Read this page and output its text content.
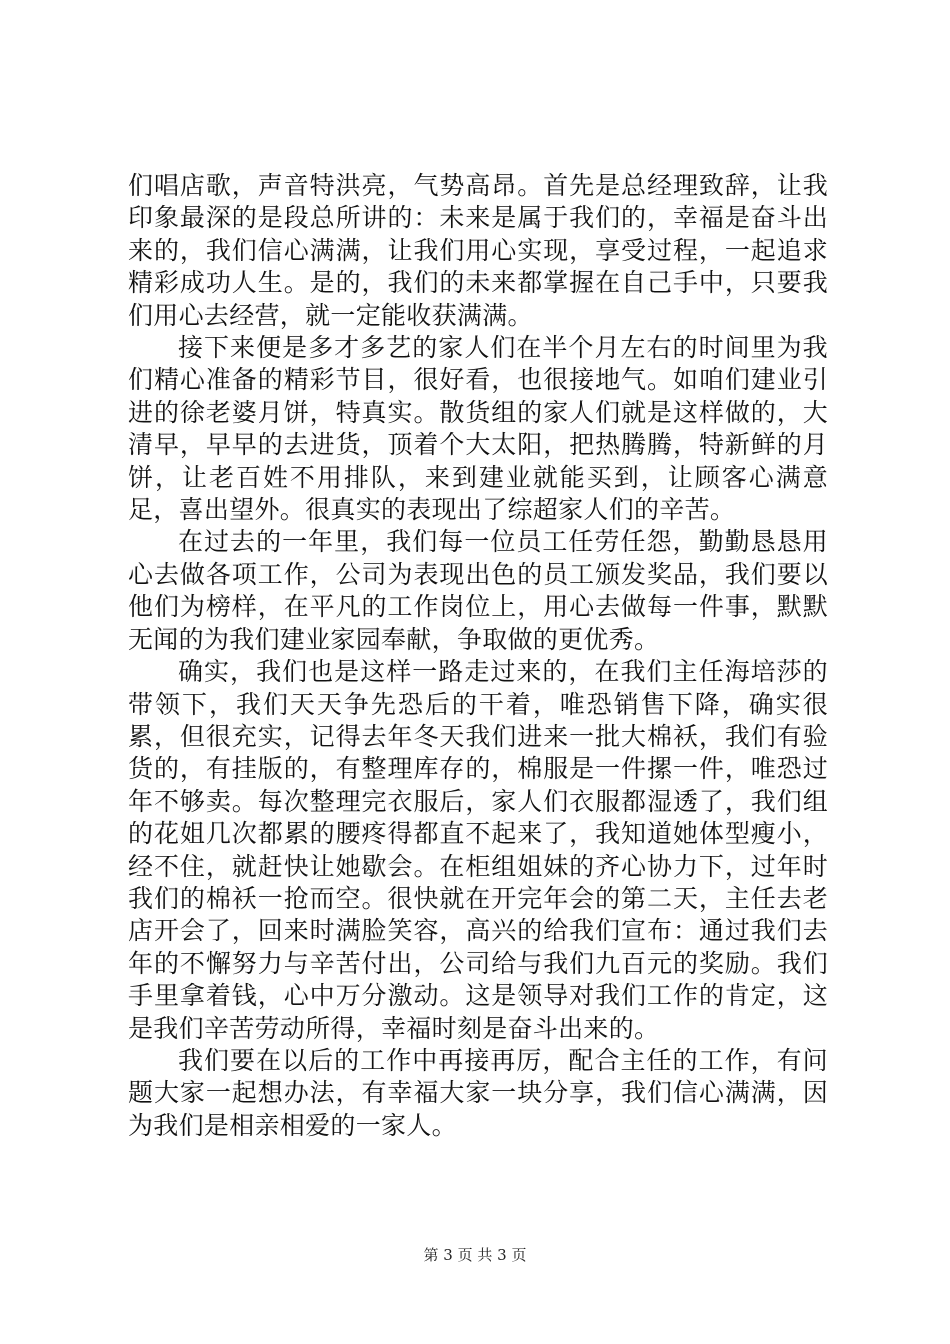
们唱店歌，声音特洪亮，气势高昂。首先是总经理致辞，让我印象最深的是段总所讲的：未来是属于我们的，幸福是奋斗出来的，我们信心满满，让我们用心实现，享受过程，一起追求精彩成功人生。是的，我们的未来都掌握在自己手中，只要我们用心去经营，就一定能收获满满。

接下来便是多才多艺的家人们在半个月左右的时间里为我们精心准备的精彩节目，很好看，也很接地气。如咱们建业引进的徐老婆月饼，特真实。散货组的家人们就是这样做的，大清早，早早的去进货，顶着个大太阳，把热腾腾，特新鲜的月饼，让老百姓不用排队，来到建业就能买到，让顾客心满意足，喜出望外。很真实的表现出了综超家人们的辛苦。

在过去的一年里，我们每一位员工任劳任怨，勤勤恳恳用心去做各项工作，公司为表现出色的员工颁发奖品，我们要以他们为榜样，在平凡的工作岗位上，用心去做每一件事，默默无闻的为我们建业家园奉献，争取做的更优秀。

确实，我们也是这样一路走过来的，在我们主任海培莎的带领下，我们天天争先恐后的干着，唯恐销售下降，确实很累，但很充实，记得去年冬天我们进来一批大棉袄，我们有验货的，有挂版的，有整理库存的，棉服是一件摞一件，唯恐过年不够卖。每次整理完衣服后，家人们衣服都湿透了，我们组的花姐几次都累的腰疼得都直不起来了，我知道她体型瘦小，经不住，就赶快让她歇会。在柜组姐妹的齐心协力下，过年时我们的棉袄一抢而空。很快就在开完年会的第二天，主任去老店开会了，回来时满脸笑容，高兴的给我们宣布：通过我们去年的不懈努力与辛苦付出，公司给与我们九百元的奖励。我们手里拿着钱，心中万分激动。这是领导对我们工作的肯定，这是我们辛苦劳动所得，幸福时刻是奋斗出来的。

我们要在以后的工作中再接再厉，配合主任的工作，有问题大家一起想办法，有幸福大家一块分享，我们信心满满，因为我们是相亲相爱的一家人。

第 3 页 共 3 页
